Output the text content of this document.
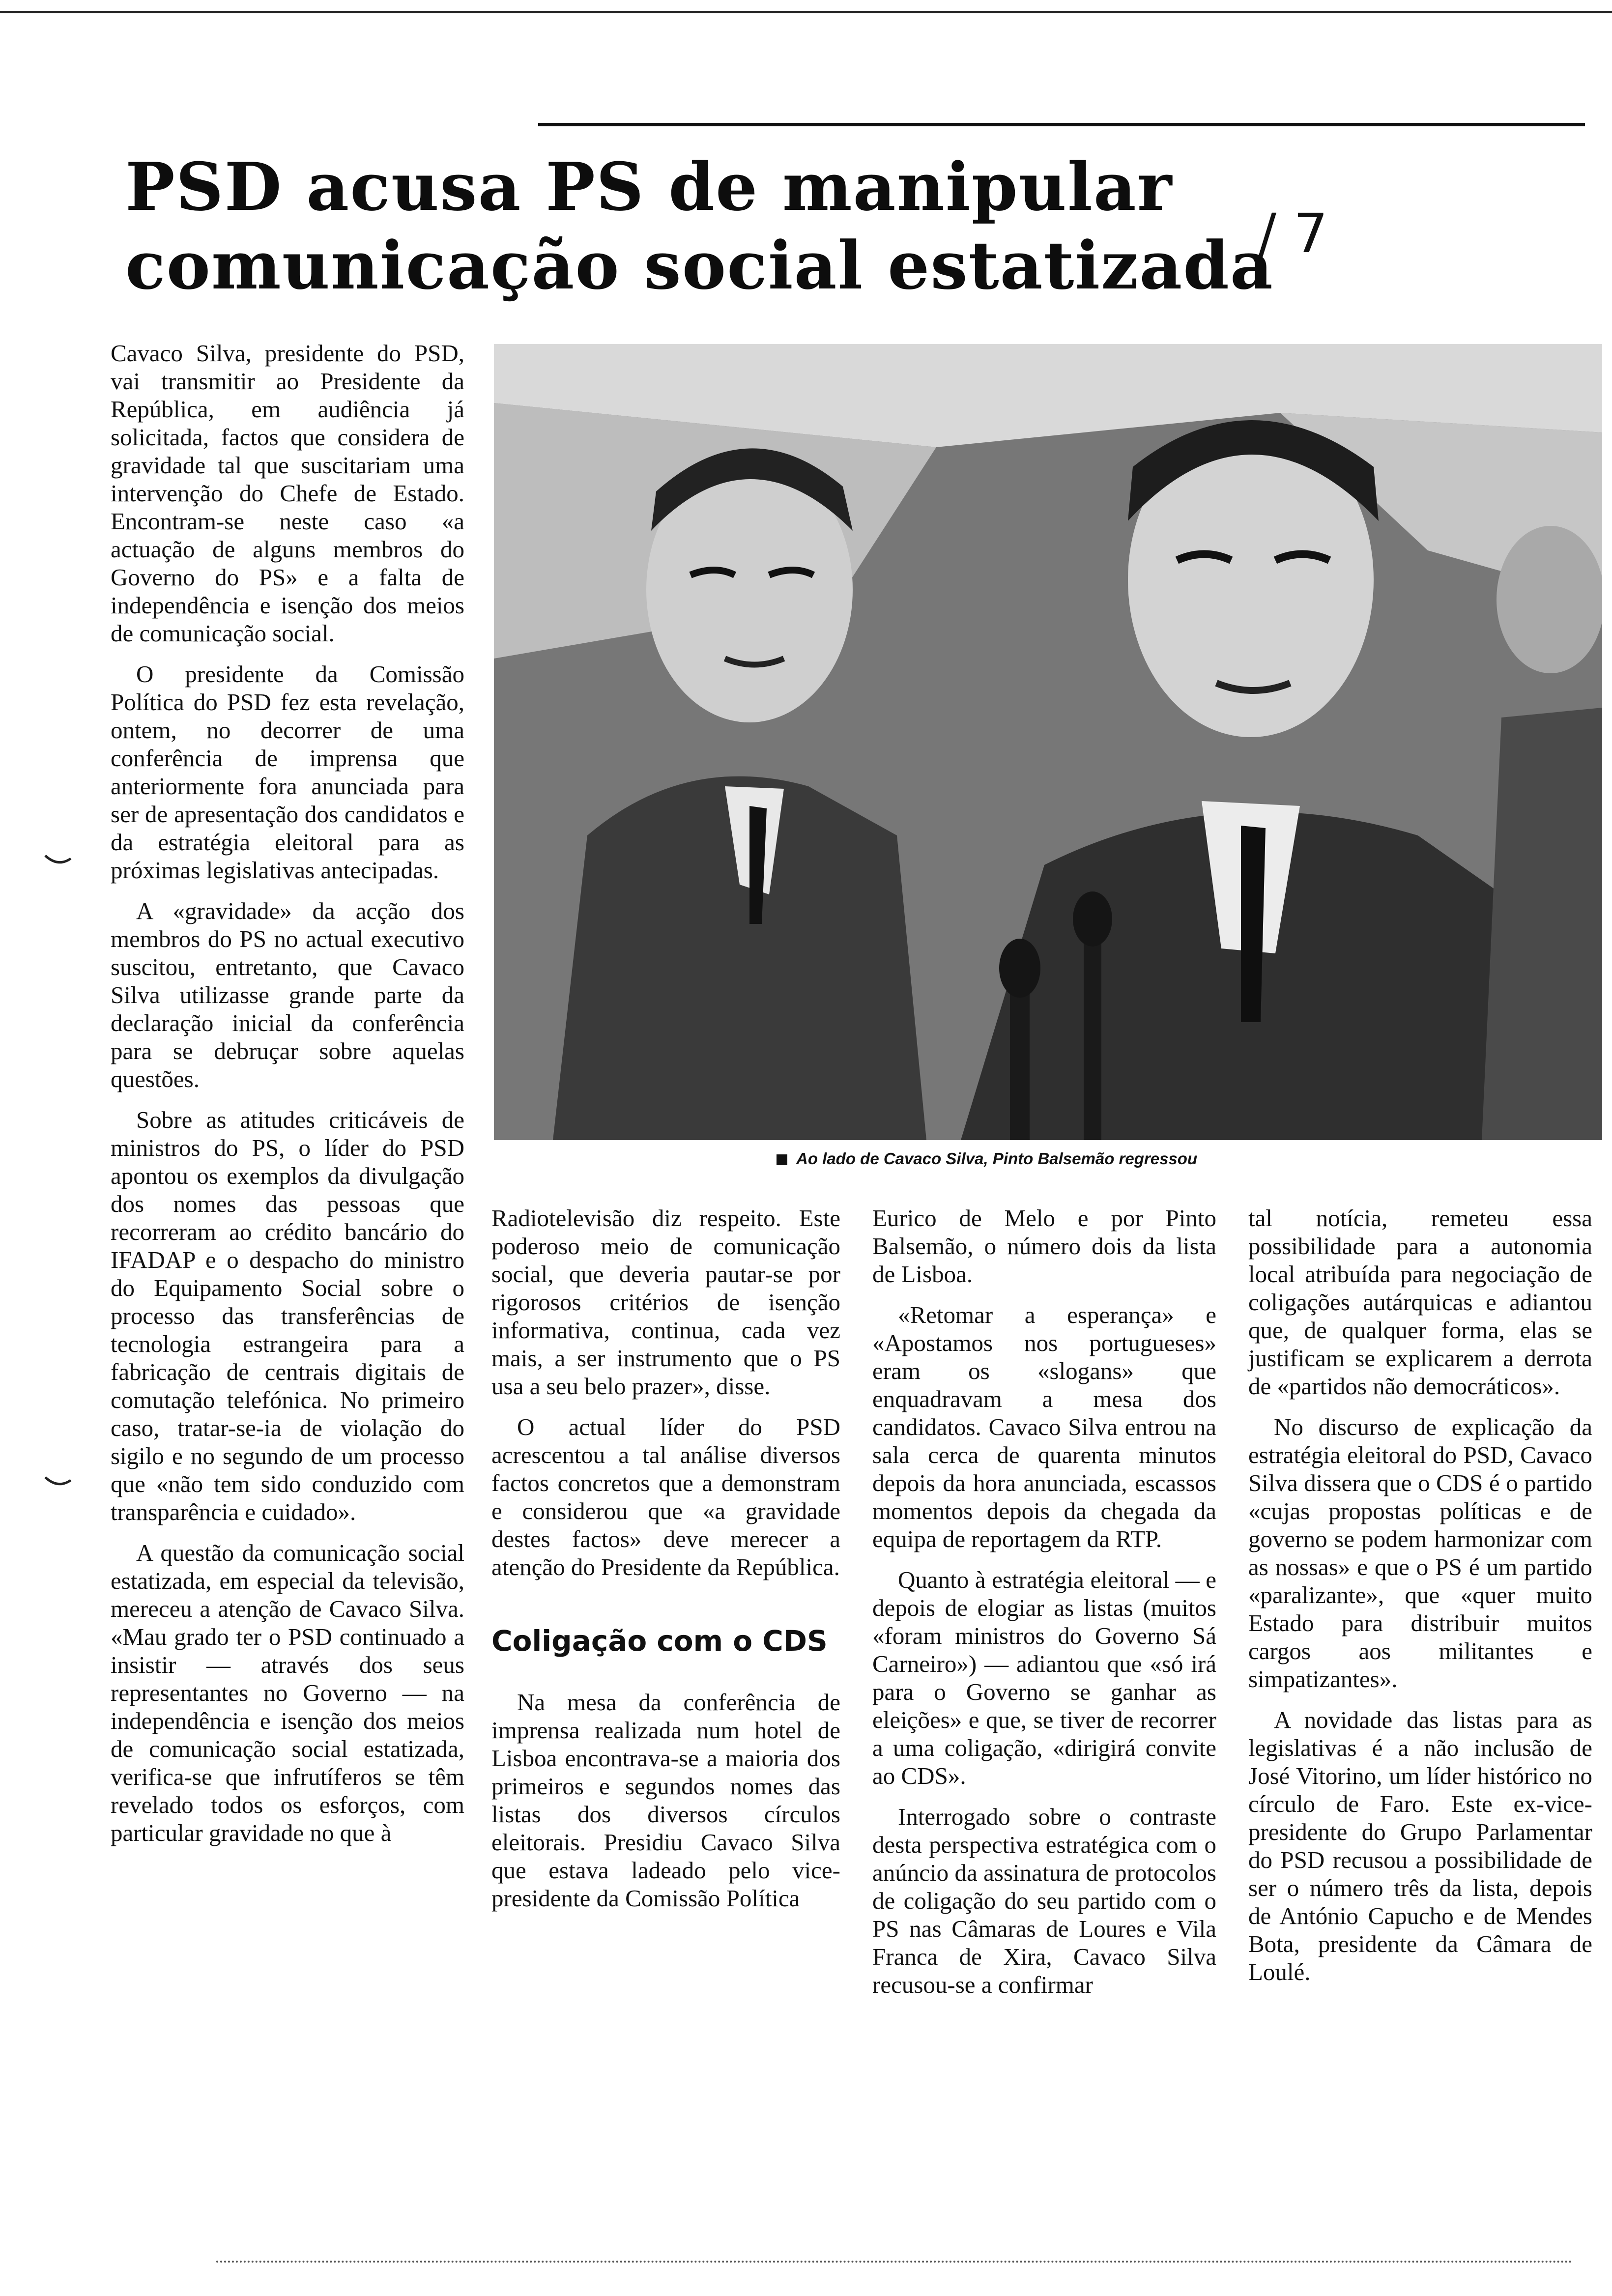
PSD acusa PS de manipular
comunicação social estatizada
/ 7

Cavaco Silva, presidente do PSD, vai transmitir ao Presidente da República, em audiência já solicitada, factos que considera de gravidade tal que suscitariam uma intervenção do Chefe de Estado. Encontram-se neste caso «a actuação de alguns membros do Governo do PS» e a falta de independência e isenção dos meios de comunicação social.

O presidente da Comissão Política do PSD fez esta revelação, ontem, no decorrer de uma conferência de imprensa que anteriormente fora anunciada para ser de apresentação dos candidatos e da estratégia eleitoral para as próximas legislativas antecipadas.

A «gravidade» da acção dos membros do PS no actual executivo suscitou, entretanto, que Cavaco Silva utilizasse grande parte da declaração inicial da conferência para se debruçar sobre aquelas questões.

Sobre as atitudes criticáveis de ministros do PS, o líder do PSD apontou os exemplos da divulgação dos nomes das pessoas que recorreram ao crédito bancário do IFADAP e o despacho do ministro do Equipamento Social sobre o processo das transferências de tecnologia estrangeira para a fabricação de centrais digitais de comutação telefónica. No primeiro caso, tratar-se-ia de violação do sigilo e no segundo de um processo que «não tem sido conduzido com transparência e cuidado».

A questão da comunicação social estatizada, em especial da televisão, mereceu a atenção de Cavaco Silva. «Mau grado ter o PSD continuado a insistir — através dos seus representantes no Governo — na independência e isenção dos meios de comunicação social estatizada, verifica-se que infrutíferos se têm revelado todos os esforços, com particular gravidade no que à

Ao lado de Cavaco Silva, Pinto Balsemão regressou

Radiotelevisão diz respeito. Este poderoso meio de comunicação social, que deveria pautar-se por rigorosos critérios de isenção informativa, continua, cada vez mais, a ser instrumento que o PS usa a seu belo prazer», disse.

O actual líder do PSD acrescentou a tal análise diversos factos concretos que a demonstram e considerou que «a gravidade destes factos» deve merecer a atenção do Presidente da República.

Coligação com o CDS

Na mesa da conferência de imprensa realizada num hotel de Lisboa encontrava-se a maioria dos primeiros e segundos nomes das listas dos diversos círculos eleitorais. Presidiu Cavaco Silva que estava ladeado pelo vice-presidente da Comissão Política

Eurico de Melo e por Pinto Balsemão, o número dois da lista de Lisboa.

«Retomar a esperança» e «Apostamos nos portugueses» eram os «slogans» que enquadravam a mesa dos candidatos. Cavaco Silva entrou na sala cerca de quarenta minutos depois da hora anunciada, escassos momentos depois da chegada da equipa de reportagem da RTP.

Quanto à estratégia eleitoral — e depois de elogiar as listas (muitos «foram ministros do Governo Sá Carneiro») — adiantou que «só irá para o Governo se ganhar as eleições» e que, se tiver de recorrer a uma coligação, «dirigirá convite ao CDS».

Interrogado sobre o contraste desta perspectiva estratégica com o anúncio da assinatura de protocolos de coligação do seu partido com o PS nas Câmaras de Loures e Vila Franca de Xira, Cavaco Silva recusou-se a confirmar

tal notícia, remeteu essa possibilidade para a autonomia local atribuída para negociação de coligações autárquicas e adiantou que, de qualquer forma, elas se justificam se explicarem a derrota de «partidos não democráticos».

No discurso de explicação da estratégia eleitoral do PSD, Cavaco Silva dissera que o CDS é o partido «cujas propostas políticas e de governo se podem harmonizar com as nossas» e que o PS é um partido «paralizante», que «quer muito Estado para distribuir muitos cargos aos militantes e simpatizantes».

A novidade das listas para as legislativas é a não inclusão de José Vitorino, um líder histórico no círculo de Faro. Este ex-vice-presidente do Grupo Parlamentar do PSD recusou a possibilidade de ser o número três da lista, depois de António Capucho e de Mendes Bota, presidente da Câmara de Loulé.
